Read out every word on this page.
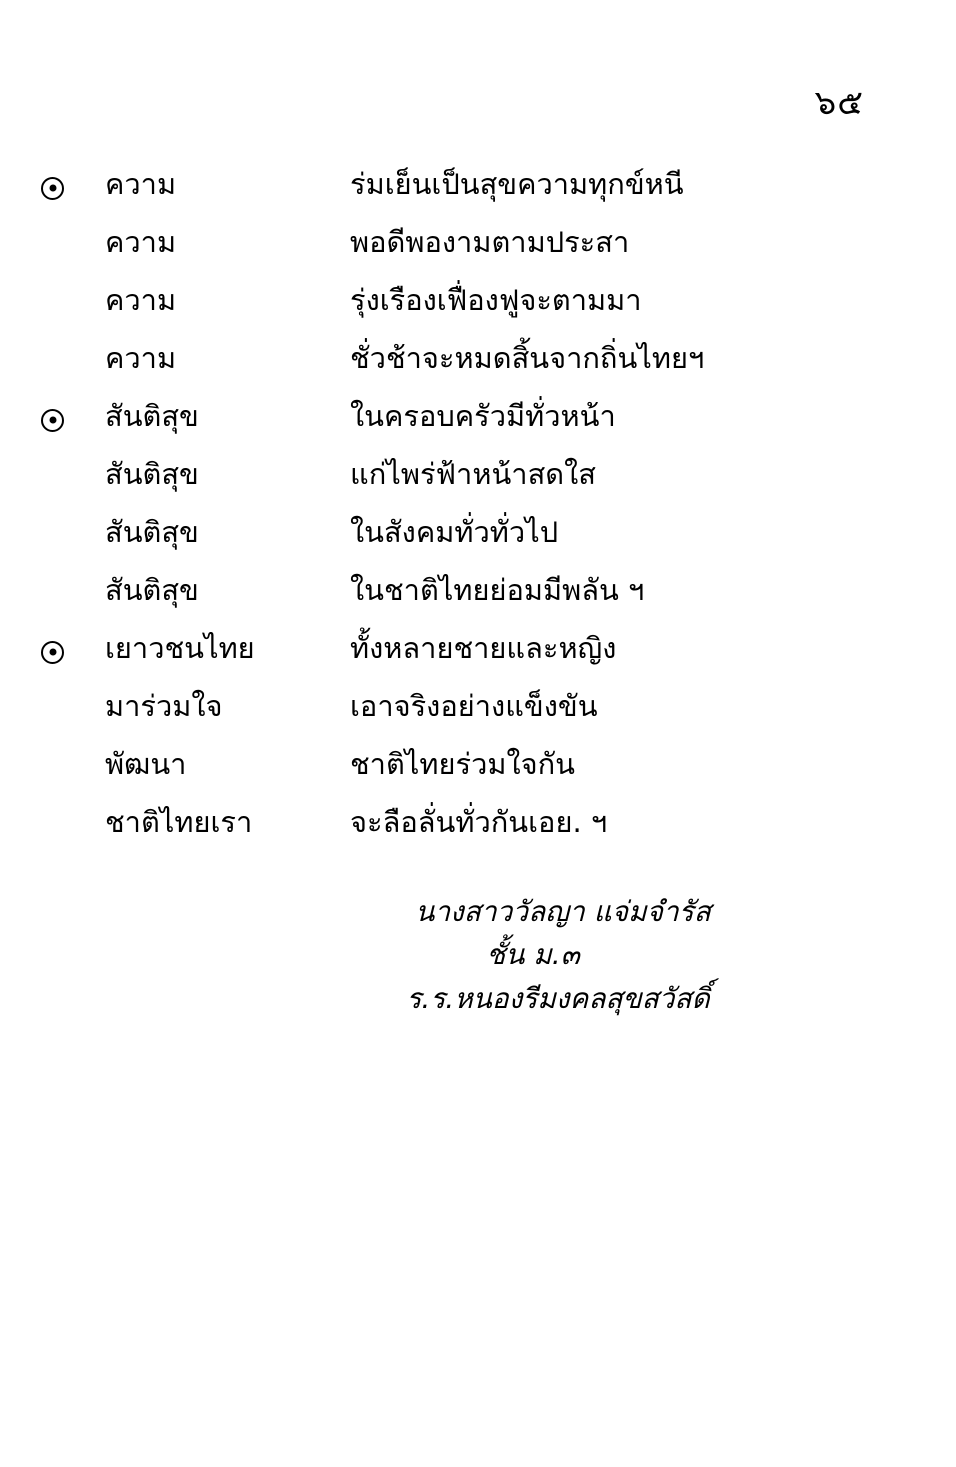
๖๕
ความ	ร่มเย็นเป็นสุขความทุกข์หนี
ความ	พอดีพองามตามประสา
ความ	รุ่งเรืองเฟื่องฟูจะตามมา
ความ	ชั่วช้าจะหมดสิ้นจากถิ่นไทยฯ
สันติสุข	ในครอบครัวมีทั่วหน้า
สันติสุข	แก่ไพร่ฟ้าหน้าสดใส
สันติสุข	ในสังคมทั่วทั่วไป
สันติสุข	ในชาติไทยย่อมมีพลัน ฯ
เยาวชนไทย	ทั้งหลายชายและหญิง
มาร่วมใจ	เอาจริงอย่างแข็งขัน
พัฒนา	ชาติไทยร่วมใจกัน
ชาติไทยเรา	จะลือลั่นทั่วกันเอย. ฯ
นางสาววัลญา แจ่มจำรัส
ชั้น ม.๓
ร.ร.หนองรีมงคลสุขสวัสดิ์
